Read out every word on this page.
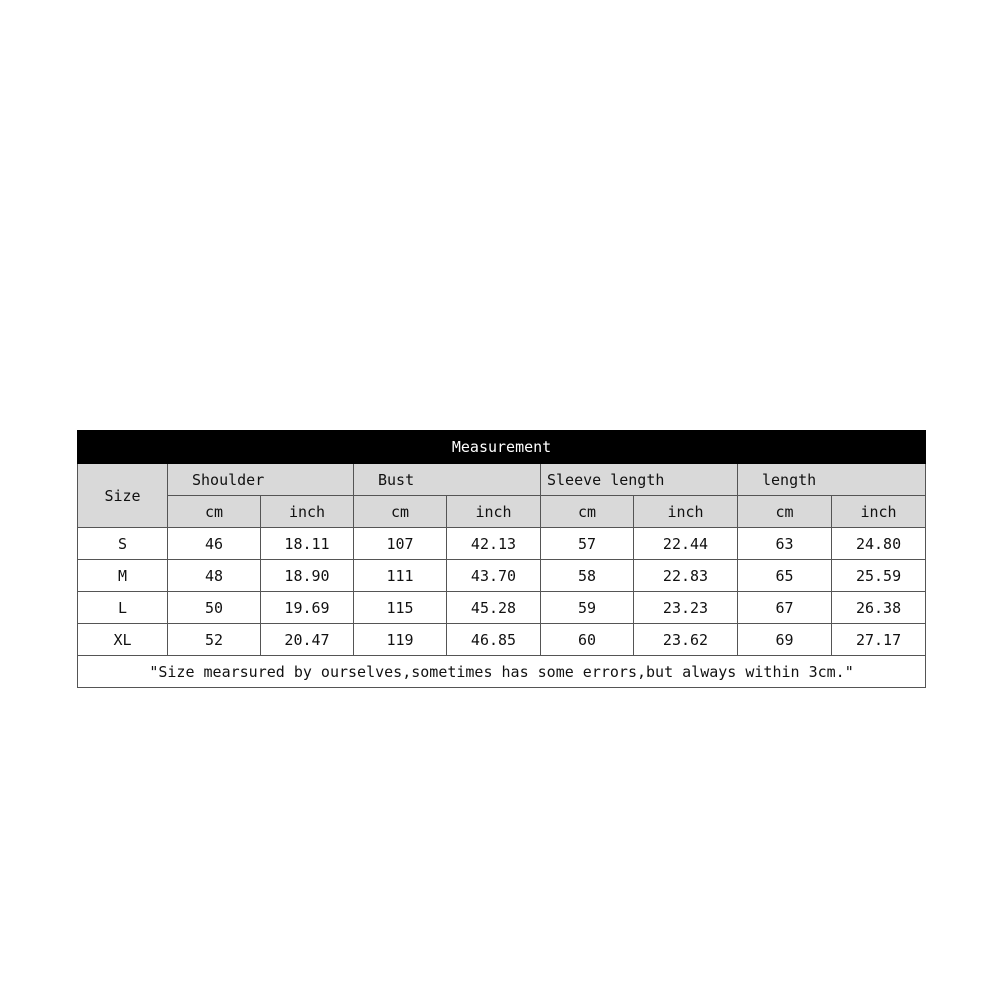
Measurement								
Size	Shoulder		Bust		Sleeve length		length	
	cm	inch	cm	inch	cm	inch	cm	inch
S	46	18.11	107	42.13	57	22.44	63	24.80
M	48	18.90	111	43.70	58	22.83	65	25.59
L	50	19.69	115	45.28	59	23.23	67	26.38
XL	52	20.47	119	46.85	60	23.62	69	27.17
"Size mearsured by ourselves,sometimes has some errors,but always within 3cm."								
